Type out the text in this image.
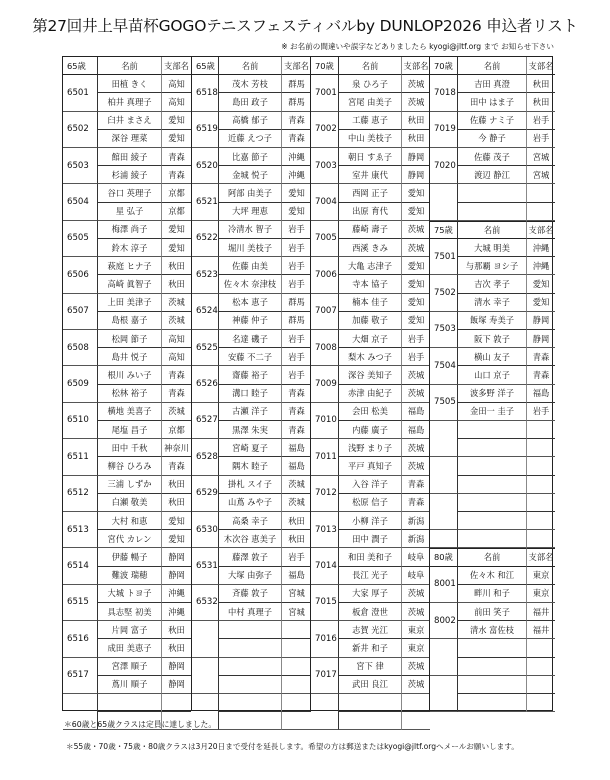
第27回井上早苗杯GOGOテニスフェスティバルby DUNLOP2026 申込者リスト
※ お名前の間違いや誤字などありましたら kyogi@jltf.org まで お知らせ下さい
65歳	名前	支部名
6501
田植 きく	高知
柏井 真理子	高知
6502
臼井 まさえ	愛知
深谷 理菜	愛知
6503
館田 綾子	青森
杉浦 綾子	青森
6504
谷口 英理子	京都
星 弘子	京都
6505
梅澤 尚子	愛知
鈴木 淳子	愛知
6506
萩庭 ヒナ子	秋田
高崎 眞智子	秋田
6507
上田 美津子	茨城
島根 嘉子	茨城
6508
松岡 節子	高知
島井 悦子	高知
6509
根川 みい子	青森
松林 裕子	青森
6510
横地 美喜子	茨城
尾塩 昌子	京都
6511
田中 千秋	神奈川
柳谷 ひろみ	青森
6512
三浦 しずか	秋田
白瀬 敬美	秋田
6513
大村 和恵	愛知
宮代 カレン	愛知
6514
伊藤 暢子	静岡
難波 瑞穂	静岡
6515
大城 トヨ子	沖縄
具志堅 初美	沖縄
6516
片岡 富子	秋田
成田 美恵子	秋田
6517
宮澤 順子	静岡
蔦川 順子	静岡
65歳	名前	支部名
6518
茂木 芳枝	群馬
島田 政子	群馬
6519
高橋 郁子	青森
近藤 えつ子	青森
6520
比嘉 節子	沖縄
金城 悦子	沖縄
6521
阿部 由美子	愛知
大坪 理恵	愛知
6522
冷清水 智子	岩手
堀川 美枝子	岩手
6523
佐藤 由美	岩手
佐々木 奈津枝	岩手
6524
松本 恵子	群馬
神藤 仲子	群馬
6525
名達 磯子	岩手
安藤 不二子	岩手
6526
齋藤 裕子	岩手
溝口 睦子	青森
6527
古瀬 洋子	青森
黒澤 朱実	青森
6528
宮崎 夏子	福島
隅木 睦子	福島
6529
掛札 スイ子	茨城
山蔦 みや子	茨城
6530
高桑 幸子	秋田
木次谷 恵美子	秋田
6531
藤澤 敦子	岩手
大塚 由弥子	福島
6532
斉藤 敦子	宮城
中村 真理子	宮城
70歳	名前	支部名
7001
泉 ひろ子	茨城
宮尾 由美子	茨城
7002
工藤 恵子	秋田
中山 美枝子	秋田
7003
朝日 すゑ子	静岡
室井 康代	静岡
7004
西岡 正子	愛知
出原 育代	愛知
7005
藤崎 壽子	茨城
西溪 きみ	茨城
7006
大亀 志津子	愛知
寺本 協子	愛知
7007
楠本 佳子	愛知
加藤 敬子	愛知
7008
大畑 京子	岩手
梨木 みつ子	岩手
7009
深谷 美知子	茨城
赤津 由紀子	茨城
7010
会田 松美	福島
内藤 廣子	福島
7011
浅野 まり子	茨城
平戸 真知子	茨城
7012
入谷 洋子	青森
松原 信子	青森
7013
小柳 洋子	新潟
田中 潤子	新潟
7014
和田 美和子	岐阜
長江 光子	岐阜
7015
大家 厚子	茨城
板倉 澄世	茨城
7016
志賀 光江	東京
新井 和子	東京
7017
宮下 律	茨城
武田 良江	茨城
70歳	名前	支部名
7018
吉田 真澄	秋田
田中 はま子	秋田
7019
佐藤 ナミ子	岩手
今 静子	岩手
7020
佐藤 茂子	宮城
渡辺 静江	宮城
75歳	名前	支部名
7501
大城 明美	沖縄
与那覇 ヨシ子	沖縄
7502
吉次 孝子	愛知
清水 幸子	愛知
7503
飯塚 寿美子	静岡
阪下 敦子	静岡
7504
横山 友子	青森
山口 京子	青森
7505
波多野 洋子	福島
金田一 圭子	岩手
80歳	名前	支部名
8001
佐々木 和江	東京
畔川 和子	東京
8002
前田 笑子	福井
清水 富佐枝	福井
＊60歳と65歳クラスは定員に達しました。
＊55歳・70歳・75歳・80歳クラスは3月20日まで受付を延長します。希望の方は郵送またはkyogi@jltf.orgへメールお願いします。
